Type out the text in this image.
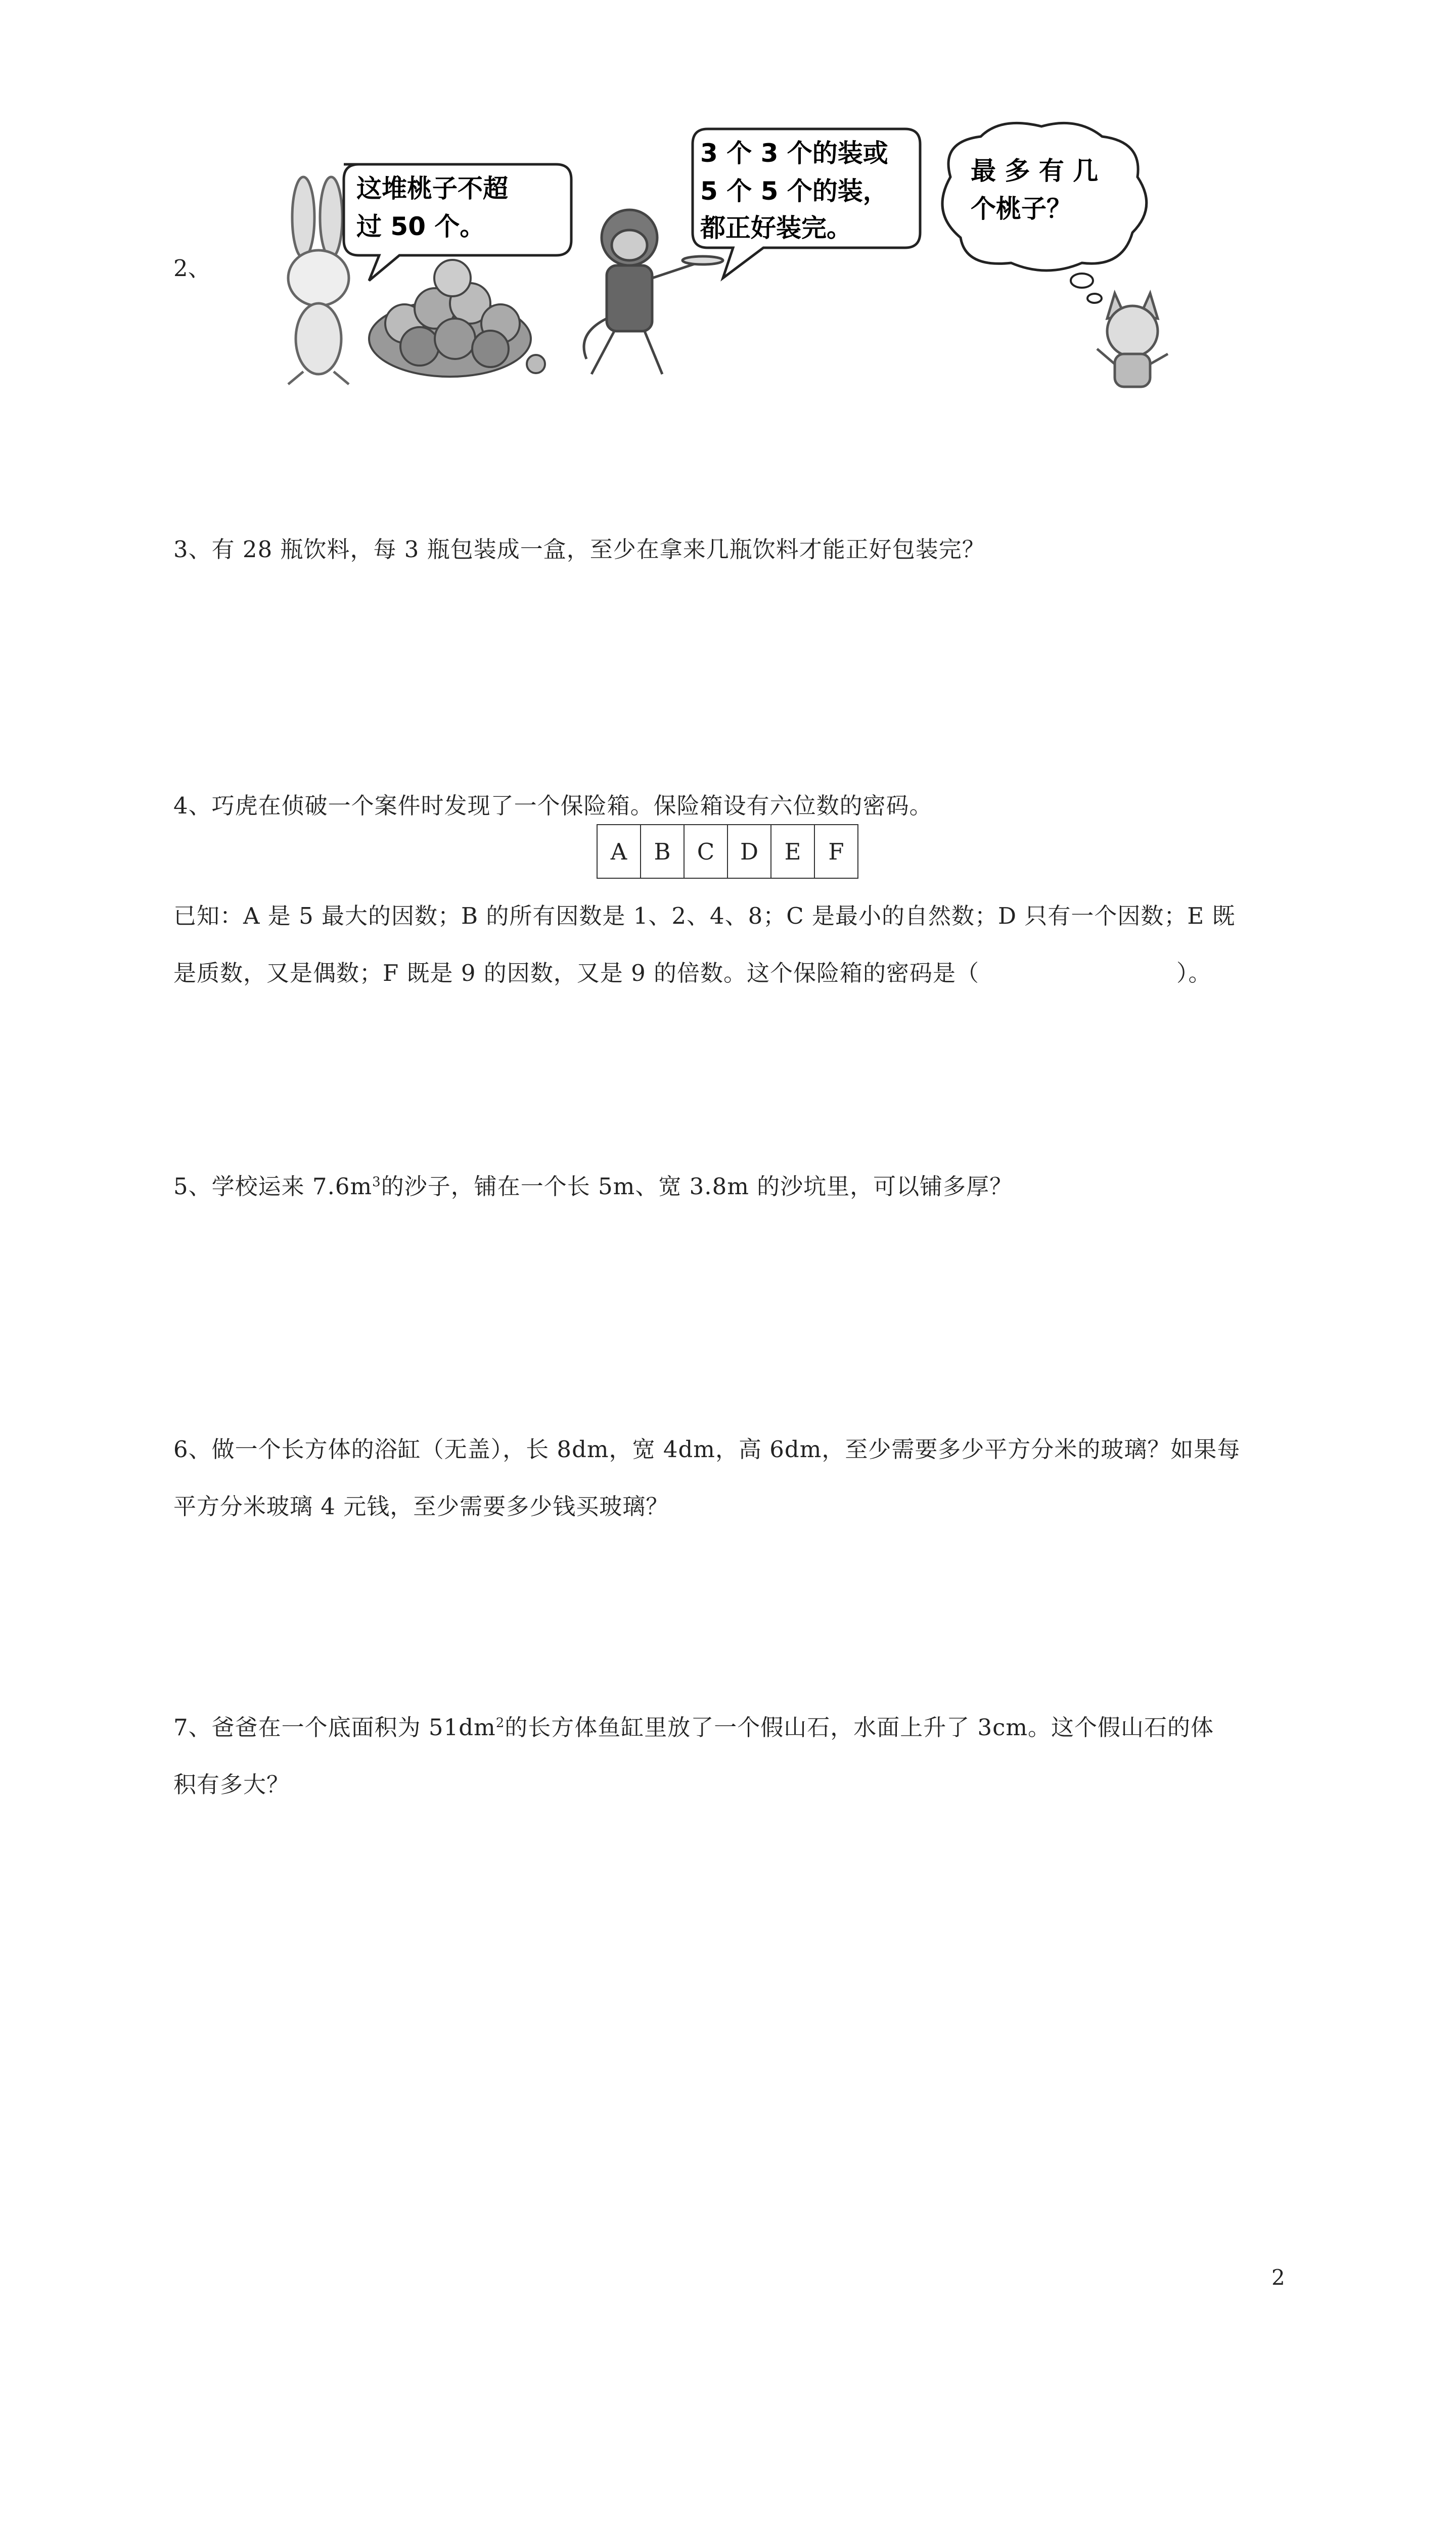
2、
这堆桃子不超
过 50 个。
3 个 3 个的装或
5 个 5 个的装，
都正好装完。
最 多 有 几
个桃子？
3、有 28 瓶饮料，每 3 瓶包装成一盒，至少在拿来几瓶饮料才能正好包装完？
4、巧虎在侦破一个案件时发现了一个保险箱。保险箱设有六位数的密码。
A	B	C	D	E	F
已知：A 是 5 最大的因数；B 的所有因数是 1、2、4、8；C 是最小的自然数；D 只有一个因数；E 既
是质数，又是偶数；F 既是 9 的因数，又是 9 的倍数。这个保险箱的密码是（	）。
5、学校运来 $7.6m^3$的沙子，铺在一个长 5m、宽 3.8m 的沙坑里，可以铺多厚？
6、做一个长方体的浴缸（无盖），长 8dm，宽 4dm，高 6dm，至少需要多少平方分米的玻璃？如果每
平方分米玻璃 4 元钱，至少需要多少钱买玻璃？
7、爸爸在一个底面积为 $51dm^2$的长方体鱼缸里放了一个假山石，水面上升了 3cm。这个假山石的体
积有多大？
2
